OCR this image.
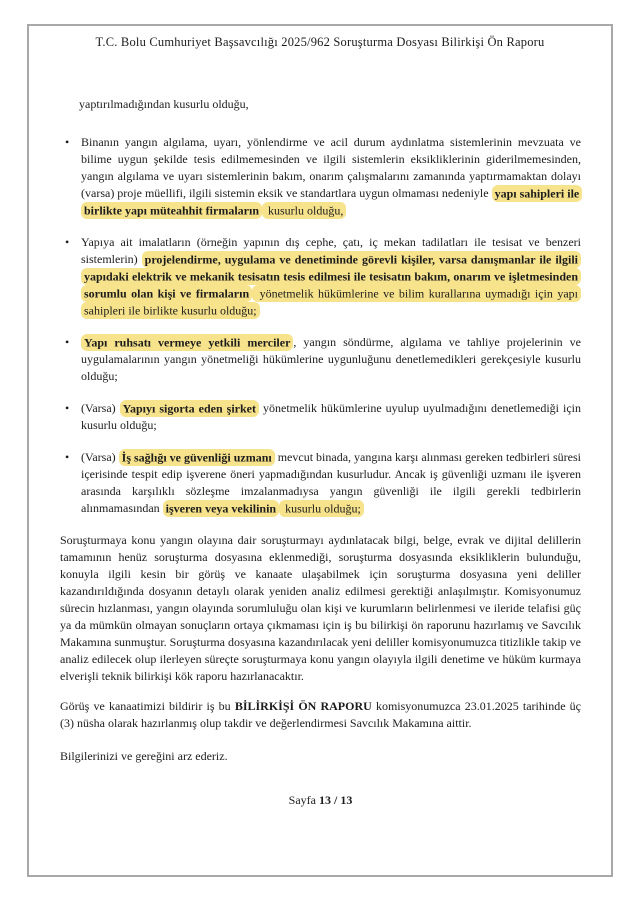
T.C. Bolu Cumhuriyet Başsavcılığı 2025/962 Soruşturma Dosyası Bilirkişi Ön Raporu

yaptırılmadığından kusurlu olduğu,

• Binanın yangın algılama, uyarı, yönlendirme ve acil durum aydınlatma sistemlerinin mevzuata ve bilime uygun şekilde tesis edilmemesinden ve ilgili sistemlerin eksikliklerinin giderilmemesinden, yangın algılama ve uyarı sistemlerinin bakım, onarım çalışmalarını zamanında yaptırmamaktan dolayı (varsa) proje müellifi, ilgili sistemin eksik ve standartlara uygun olmaması nedeniyle yapı sahipleri ile birlikte yapı müteahhit firmaların kusurlu olduğu,
• Yapıya ait imalatların (örneğin yapının dış cephe, çatı, iç mekan tadilatları ile tesisat ve benzeri sistemlerin) projelendirme, uygulama ve denetiminde görevli kişiler, varsa danışmanlar ile ilgili yapıdaki elektrik ve mekanik tesisatın tesis edilmesi ile tesisatın bakım, onarım ve işletmesinden sorumlu olan kişi ve firmaların yönetmelik hükümlerine ve bilim kurallarına uymadığı için yapı sahipleri ile birlikte kusurlu olduğu;
• Yapı ruhsatı vermeye yetkili merciler , yangın söndürme, algılama ve tahliye projelerinin ve uygulamalarının yangın yönetmeliği hükümlerine uygunluğunu denetlemedikleri gerekçesiyle kusurlu olduğu;
• (Varsa) Yapıyı sigorta eden şirket yönetmelik hükümlerine uyulup uyulmadığını denetlemediği için kusurlu olduğu;
• (Varsa) İş sağlığı ve güvenliği uzmanı mevcut binada, yangına karşı alınması gereken tedbirleri süresi içerisinde tespit edip işverene öneri yapmadığından kusurludur. Ancak iş güvenliği uzmanı ile işveren arasında karşılıklı sözleşme imzalanmadıysa yangın güvenliği ile ilgili gerekli tedbirlerin alınmamasından işveren veya vekilinin kusurlu olduğu;

Soruşturmaya konu yangın olayına dair soruşturmayı aydınlatacak bilgi, belge, evrak ve dijital delillerin tamamının henüz soruşturma dosyasına eklenmediği, soruşturma dosyasında eksikliklerin bulunduğu, konuyla ilgili kesin bir görüş ve kanaate ulaşabilmek için soruşturma dosyasına yeni deliller kazandırıldığında dosyanın detaylı olarak yeniden analiz edilmesi gerektiği anlaşılmıştır. Komisyonumuz sürecin hızlanması, yangın olayında sorumluluğu olan kişi ve kurumların belirlenmesi ve ileride telafisi güç ya da mümkün olmayan sonuçların ortaya çıkmaması için iş bu bilirkişi ön raporunu hazırlamış ve Savcılık Makamına sunmuştur. Soruşturma dosyasına kazandırılacak yeni deliller komisyonumuzca titizlikle takip ve analiz edilecek olup ilerleyen süreçte soruşturmaya konu yangın olayıyla ilgili denetime ve hüküm kurmaya elverişli teknik bilirkişi kök raporu hazırlanacaktır.

Görüş ve kanaatimizi bildirir iş bu BİLİRKİŞİ ÖN RAPORU komisyonumuzca 23.01.2025 tarihinde üç (3) nüsha olarak hazırlanmış olup takdir ve değerlendirmesi Savcılık Makamına aittir.

Bilgilerinizi ve gereğini arz ederiz.

Sayfa 13 / 13
